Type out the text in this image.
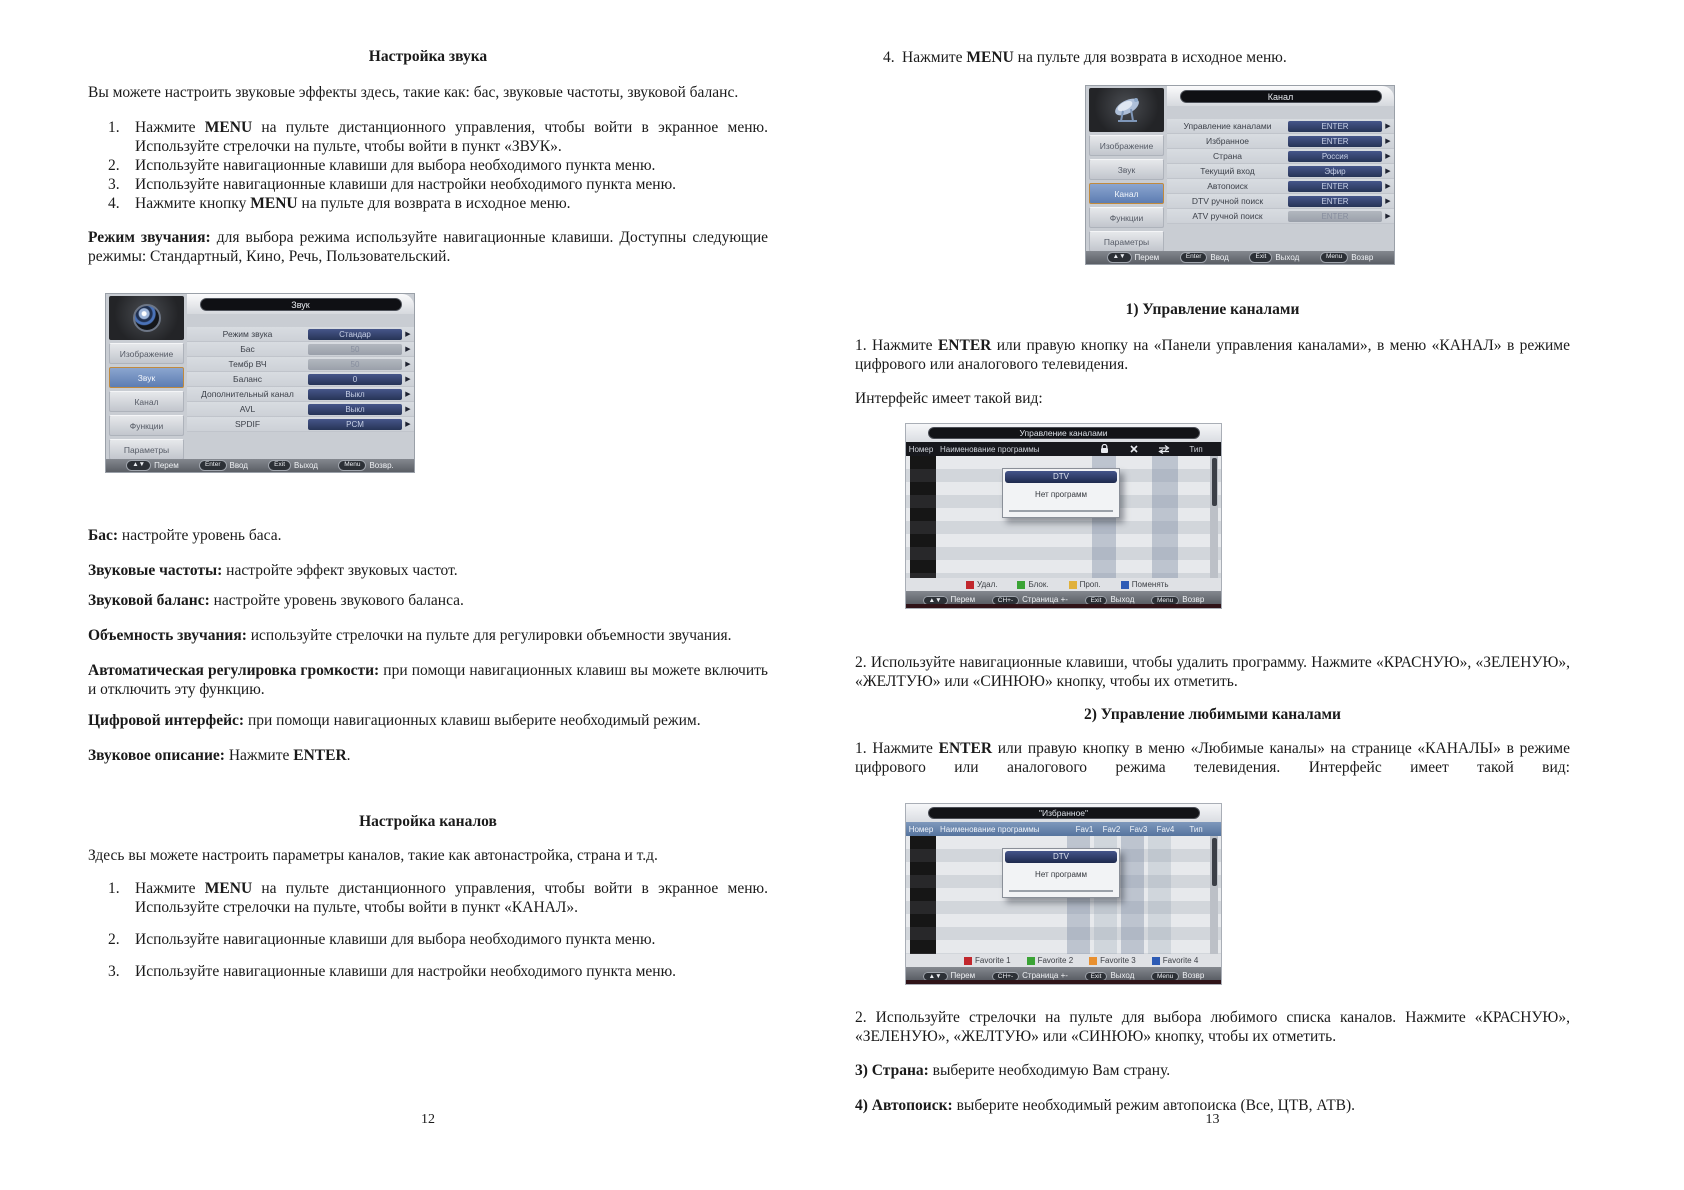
Настройка звука
Вы можете настроить звуковые эффекты здесь, такие как: бас, звуковые частоты, звуковой баланс.
1. Нажмите MENU на пульте дистанционного управления, чтобы войти в экранное меню. Используйте стрелочки на пульте, чтобы войти в пункт «ЗВУК».
2. Используйте навигационные клавиши для выбора необходимого пункта меню.
3. Используйте навигационные клавиши для настройки необходимого пункта меню.
4. Нажмите кнопку MENU на пульте для возврата в исходное меню.
Режим звучания: для выбора режима используйте навигационные клавиши. Доступны следующие режимы: Стандартный, Кино, Речь, Пользовательский.
Изображение
Звук
Канал
Функции
Параметры
Звук
Режим звука	Стандар	▶
Бас	50	▶
Тембр ВЧ	50	▶
Баланс	0	▶
Дополнительный канал	Выкл	▶
AVL	Выкл	▶
SPDIF	PCM	▶
▲▼	Перем	Enter	Ввод	Exit	Выход	Menu	Возвр.
Бас: настройте уровень баса.
Звуковые частоты: настройте эффект звуковых частот.
Звуковой баланс: настройте уровень звукового баланса.
Объемность звучания: используйте стрелочки на пульте для регулировки объемности звучания.
Автоматическая регулировка громкости: при помощи навигационных клавиш вы можете включить и отключить эту функцию.
Цифровой интерфейс: при помощи навигационных клавиш выберите необходимый режим.
Звуковое описание: Нажмите ENTER.
Настройка каналов
Здесь вы можете настроить параметры каналов, такие как автонастройка, страна и т.д.
1. Нажмите MENU на пульте дистанционного управления, чтобы войти в экранное меню. Используйте стрелочки на пульте, чтобы войти в пункт «КАНАЛ».
2. Используйте навигационные клавиши для выбора необходимого пункта меню.
3. Используйте навигационные клавиши для настройки необходимого пункта меню.
12
4. Нажмите MENU на пульте для возврата в исходное меню.
Изображение
Звук
Канал
Функции
Параметры
Канал
Управление каналами	ENTER	▶
Избранное	ENTER	▶
Страна	Россия	▶
Текущий вход	Эфир	▶
Автопоиск	ENTER	▶
DTV ручной поиск	ENTER	▶
ATV ручной поиск	ENTER	▶
▲▼	Перем	Enter	Ввод	Exit	Выход	Menu	Возвр
1) Управление каналами
1. Нажмите ENTER или правую кнопку на «Панели управления каналами», в меню «КАНАЛ» в режиме цифрового или аналогового телевидения.
Интерфейс имеет такой вид:
Управление каналами
Номер Наименование программы	Тип
DTV
Нет программ
Удал.	Блок.	Проп.	Поменять
▲▼ Перем	CH+- Страница +-	Exit Выход	Menu Возвр
2. Используйте навигационные клавиши, чтобы удалить программу. Нажмите «КРАСНУЮ», «ЗЕЛЕНУЮ», «ЖЕЛТУЮ» или «СИНЮЮ» кнопку, чтобы их отметить.
2) Управление любимыми каналами
1. Нажмите ENTER или правую кнопку в меню «Любимые каналы» на странице «КАНАЛЫ» в режиме цифрового или аналогового режима телевидения. Интерфейс имеет такой вид:
"Избранное"
Номер Наименование программы	Fav1	Fav2	Fav3	Fav4	Тип
DTV
Нет программ
Favorite 1	Favorite 2	Favorite 3	Favorite 4
▲▼ Перем	CH+- Страница +-	Exit Выход	Menu Возвр
2. Используйте стрелочки на пульте для выбора любимого списка каналов. Нажмите «КРАСНУЮ», «ЗЕЛЕНУЮ», «ЖЕЛТУЮ» или «СИНЮЮ» кнопку, чтобы их отметить.
3) Страна: выберите необходимую Вам страну.
4) Автопоиск: выберите необходимый режим автопоиска (Все, ЦТВ, АТВ).
13
